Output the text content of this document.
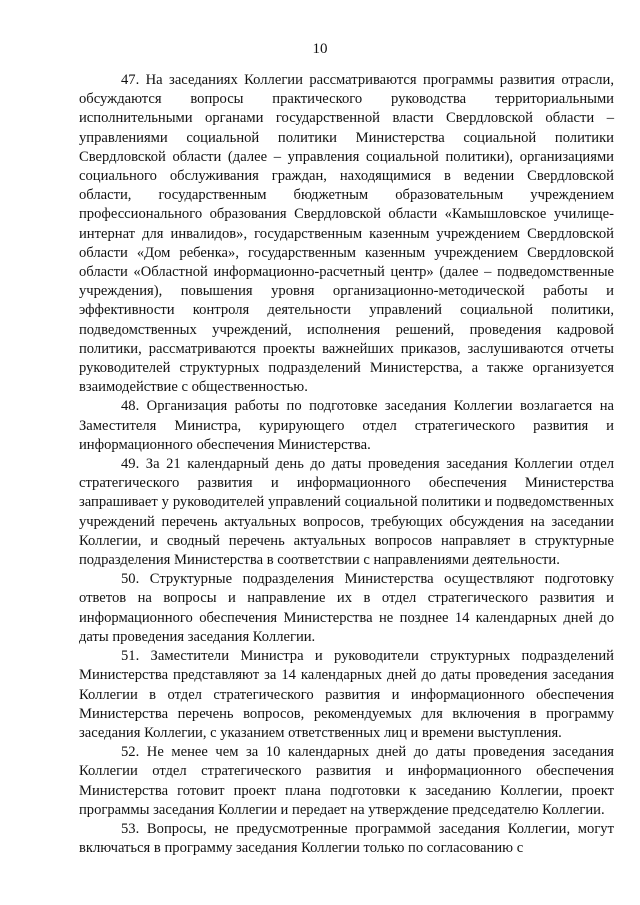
10

47. На заседаниях Коллегии рассматриваются программы развития отрасли, обсуждаются вопросы практического руководства территориальными исполнительными органами государственной власти Свердловской области – управлениями социальной политики Министерства социальной политики Свердловской области (далее – управления социальной политики), организациями социального обслуживания граждан, находящимися в ведении Свердловской области, государственным бюджетным образовательным учреждением профессионального образования Свердловской области «Камышловское училище-интернат для инвалидов», государственным казенным учреждением Свердловской области «Дом ребенка», государственным казенным учреждением Свердловской области «Областной информационно-расчетный центр» (далее – подведомственные учреждения), повышения уровня организационно-методической работы и эффективности контроля деятельности управлений социальной политики, подведомственных учреждений, исполнения решений, проведения кадровой политики, рассматриваются проекты важнейших приказов, заслушиваются отчеты руководителей структурных подразделений Министерства, а также организуется взаимодействие с общественностью.

48. Организация работы по подготовке заседания Коллегии возлагается на Заместителя Министра, курирующего отдел стратегического развития и информационного обеспечения Министерства.

49. За 21 календарный день до даты проведения заседания Коллегии отдел стратегического развития и информационного обеспечения Министерства запрашивает у руководителей управлений социальной политики и подведомственных учреждений перечень актуальных вопросов, требующих обсуждения на заседании Коллегии, и сводный перечень актуальных вопросов направляет в структурные подразделения Министерства в соответствии с направлениями деятельности.

50. Структурные подразделения Министерства осуществляют подготовку ответов на вопросы и направление их в отдел стратегического развития и информационного обеспечения Министерства не позднее 14 календарных дней до даты проведения заседания Коллегии.

51. Заместители Министра и руководители структурных подразделений Министерства представляют за 14 календарных дней до даты проведения заседания Коллегии в отдел стратегического развития и информационного обеспечения Министерства перечень вопросов, рекомендуемых для включения в программу заседания Коллегии, с указанием ответственных лиц и времени выступления.

52. Не менее чем за 10 календарных дней до даты проведения заседания Коллегии отдел стратегического развития и информационного обеспечения Министерства готовит проект плана подготовки к заседанию Коллегии, проект программы заседания Коллегии и передает на утверждение председателю Коллегии.

53. Вопросы, не предусмотренные программой заседания Коллегии, могут включаться в программу заседания Коллегии только по согласованию с
